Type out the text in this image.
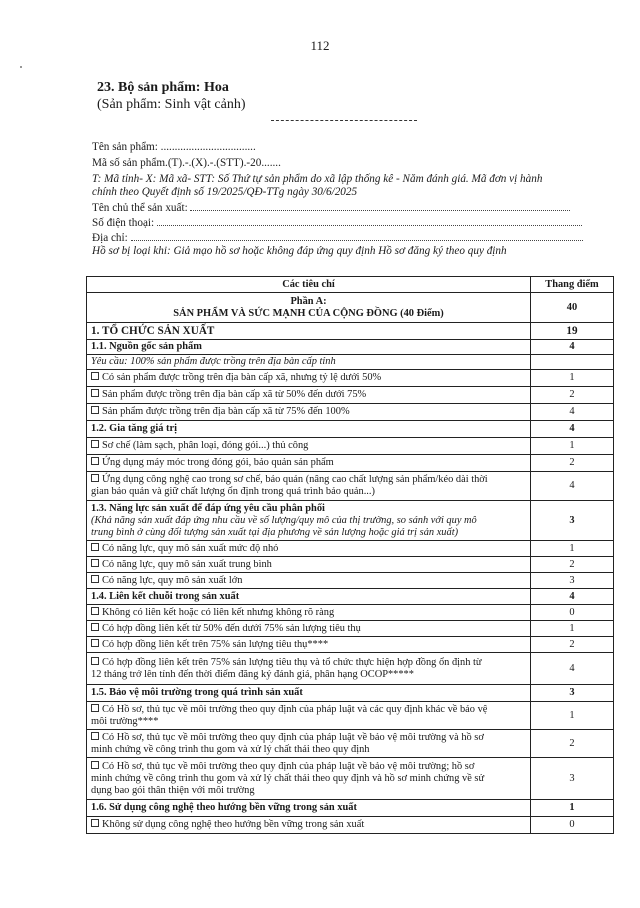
112
23. Bộ sản phẩm: Hoa
(Sản phẩm: Sinh vật cảnh)
Tên sản phẩm: ..................................
Mã số sản phẩm.(T).-.(X).-.(STT).-20.......
T: Mã tỉnh- X: Mã xã- STT: Số Thứ tự sản phẩm do xã lập thống kê - Năm đánh giá. Mã đơn vị hành
chính theo Quyết định số 19/2025/QĐ-TTg ngày 30/6/2025
Tên chủ thể sản xuất:
Số điện thoại:
Địa chỉ:
Hồ sơ bị loại khi: Giả mạo hồ sơ hoặc không đáp ứng quy định Hồ sơ đăng ký theo quy định
Các tiêu chí	Thang điểm

Phần A:
SẢN PHẨM VÀ SỨC MẠNH CỦA CỘNG ĐỒNG (40 Điểm)	40
1. TỔ CHỨC SẢN XUẤT	19
1.1. Nguồn gốc sản phẩm	4
Yêu cầu: 100% sản phẩm được trồng trên địa bàn cấp tỉnh	
Có sản phẩm được trồng trên địa bàn cấp xã, nhưng tỷ lệ dưới 50%	1
Sản phẩm được trồng trên địa bàn cấp xã từ 50% đến dưới 75%	2
Sản phẩm được trồng trên địa bàn cấp xã từ 75% đến 100%	4
1.2. Gia tăng giá trị	4
Sơ chế (làm sạch, phân loại, đóng gói...) thủ công	1
Ứng dụng máy móc trong đóng gói, bảo quản sản phẩm	2

Ứng dụng công nghệ cao trong sơ chế, bảo quản (nâng cao chất lượng sản phẩm/kéo dài thời
gian bảo quản và giữ chất lượng ổn định trong quá trình bảo quản...)	4

1.3. Năng lực sản xuất để đáp ứng yêu cầu phân phối
(Khả năng sản xuất đáp ứng nhu cầu về số lượng/quy mô của thị trường, so sánh với quy mô
trung bình ở cùng đối tượng sản xuất tại địa phương về sản lượng hoặc giá trị sản xuất)	3
Có năng lực, quy mô sản xuất mức độ nhỏ	1
Có năng lực, quy mô sản xuất trung bình	2
Có năng lực, quy mô sản xuất lớn	3
1.4. Liên kết chuỗi trong sản xuất	4
Không có liên kết hoặc có liên kết nhưng không rõ ràng	0
Có hợp đồng liên kết từ 50% đến dưới 75% sản lượng tiêu thụ	1
Có hợp đồng liên kết trên 75% sản lượng tiêu thụ****	2

Có hợp đồng liên kết trên 75% sản lượng tiêu thụ và tổ chức thực hiện hợp đồng ổn định từ
12 tháng trở lên tính đến thời điểm đăng ký đánh giá, phân hạng OCOP*****	4
1.5. Bảo vệ môi trường trong quá trình sản xuất	3

Có Hồ sơ, thủ tục về môi trường theo quy định của pháp luật và các quy định khác về bảo vệ
môi trường****	1

Có Hồ sơ, thủ tục về môi trường theo quy định của pháp luật về bảo vệ môi trường và hồ sơ
minh chứng về công trình thu gom và xử lý chất thải theo quy định	2

Có Hồ sơ, thủ tục về môi trường theo quy định của pháp luật về bảo vệ môi trường; hồ sơ
minh chứng về công trình thu gom và xử lý chất thải theo quy định và hồ sơ minh chứng về sử
dụng bao gói thân thiện với môi trường	3
1.6. Sử dụng công nghệ theo hướng bền vững trong sản xuất	1
Không sử dụng công nghệ theo hướng bền vững trong sản xuất	0
